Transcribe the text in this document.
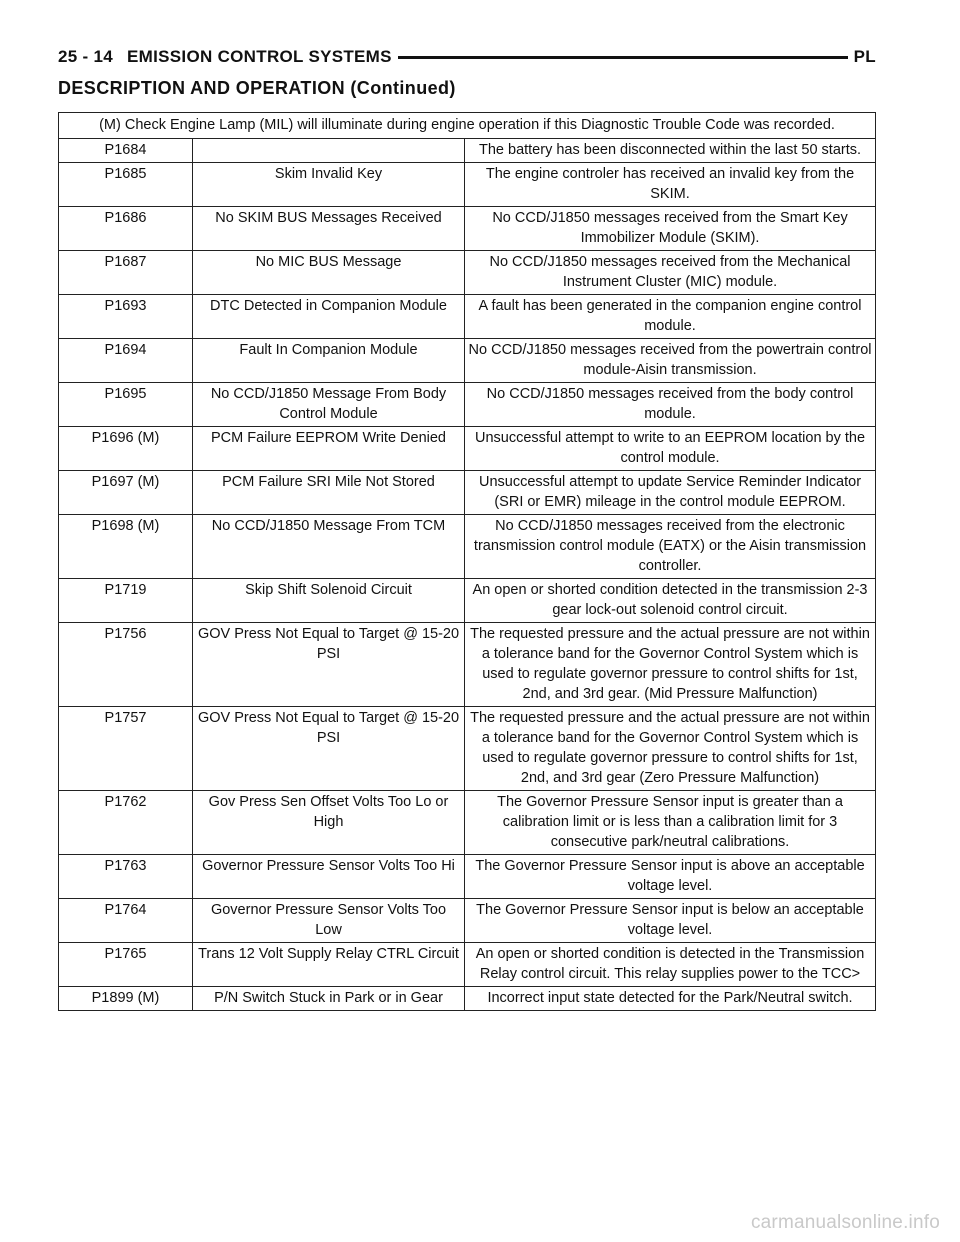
25 - 14 EMISSION CONTROL SYSTEMS	PL
DESCRIPTION AND OPERATION (Continued)
(M) Check Engine Lamp (MIL) will illuminate during engine operation if this Diagnostic Trouble Code was recorded.		
P1684		The battery has been disconnected within the last 50 starts.
P1685	Skim Invalid Key	The engine controler has received an invalid key from the SKIM.
P1686	No SKIM BUS Messages Received	No CCD/J1850 messages received from the Smart Key Immobilizer Module (SKIM).
P1687	No MIC BUS Message	No CCD/J1850 messages received from the Mechanical Instrument Cluster (MIC) module.
P1693	DTC Detected in Companion Module	A fault has been generated in the companion engine control module.
P1694	Fault In Companion Module	No CCD/J1850 messages received from the powertrain control module-Aisin transmission.
P1695	No CCD/J1850 Message From Body Control Module	No CCD/J1850 messages received from the body control module.
P1696 (M)	PCM Failure EEPROM Write Denied	Unsuccessful attempt to write to an EEPROM location by the control module.
P1697 (M)	PCM Failure SRI Mile Not Stored	Unsuccessful attempt to update Service Reminder Indicator (SRI or EMR) mileage in the control module EEPROM.
P1698 (M)	No CCD/J1850 Message From TCM	No CCD/J1850 messages received from the electronic transmission control module (EATX) or the Aisin transmission controller.
P1719	Skip Shift Solenoid Circuit	An open or shorted condition detected in the transmission 2-3 gear lock-out solenoid control circuit.
P1756	GOV Press Not Equal to Target @ 15-20 PSI	The requested pressure and the actual pressure are not within a tolerance band for the Governor Control System which is used to regulate governor pressure to control shifts for 1st, 2nd, and 3rd gear. (Mid Pressure Malfunction)
P1757	GOV Press Not Equal to Target @ 15-20 PSI	The requested pressure and the actual pressure are not within a tolerance band for the Governor Control System which is used to regulate governor pressure to control shifts for 1st, 2nd, and 3rd gear (Zero Pressure Malfunction)
P1762	Gov Press Sen Offset Volts Too Lo or High	The Governor Pressure Sensor input is greater than a calibration limit or is less than a calibration limit for 3 consecutive park/neutral calibrations.
P1763	Governor Pressure Sensor Volts Too Hi	The Governor Pressure Sensor input is above an acceptable voltage level.
P1764	Governor Pressure Sensor Volts Too Low	The Governor Pressure Sensor input is below an acceptable voltage level.
P1765	Trans 12 Volt Supply Relay CTRL Circuit	An open or shorted condition is detected in the Transmission Relay control circuit. This relay supplies power to the TCC>
P1899 (M)	P/N Switch Stuck in Park or in Gear	Incorrect input state detected for the Park/Neutral switch.
carmanualsonline.info
